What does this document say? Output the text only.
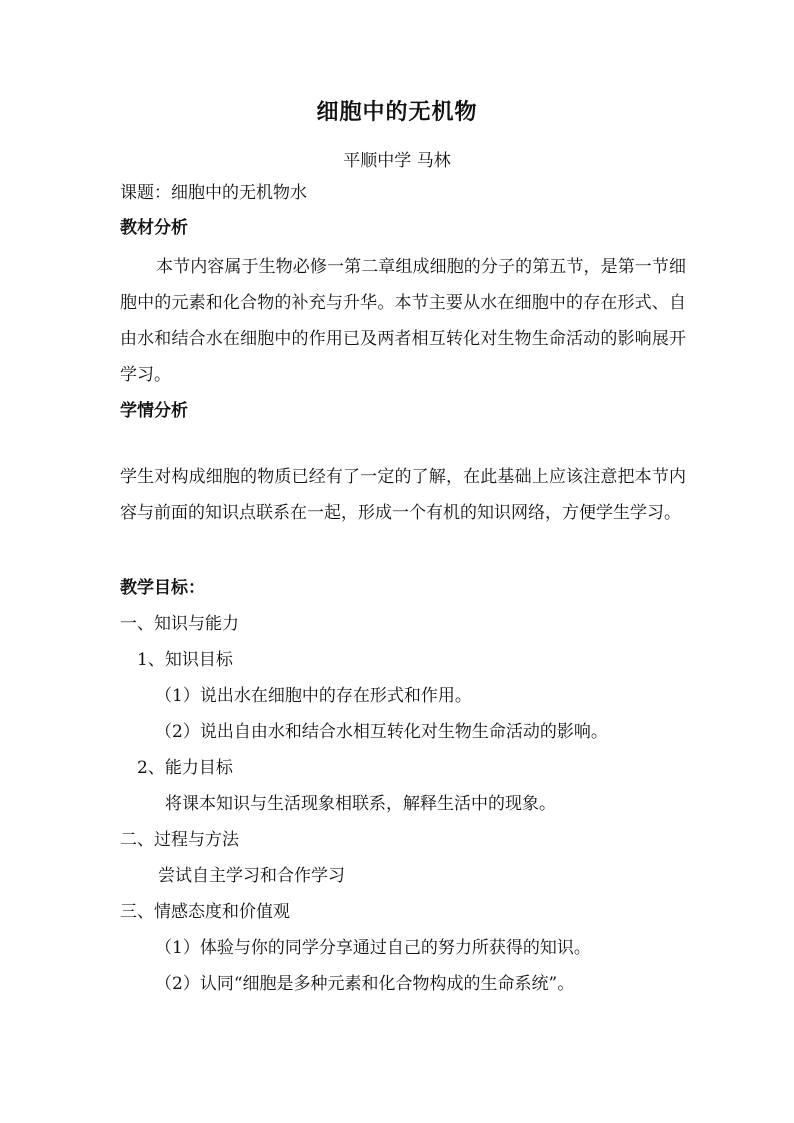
细胞中的无机物
平顺中学 马林
课题：细胞中的无机物水
教材分析
本节内容属于生物必修一第二章组成细胞的分子的第五节，是第一节细胞中的元素和化合物的补充与升华。本节主要从水在细胞中的存在形式、自由水和结合水在细胞中的作用已及两者相互转化对生物生命活动的影响展开学习。
学情分析
学生对构成细胞的物质已经有了一定的了解，在此基础上应该注意把本节内容与前面的知识点联系在一起，形成一个有机的知识网络，方便学生学习。
教学目标：
一、知识与能力
1、知识目标
（1）说出水在细胞中的存在形式和作用。
（2）说出自由水和结合水相互转化对生物生命活动的影响。
2、能力目标
将课本知识与生活现象相联系，解释生活中的现象。
二、过程与方法
尝试自主学习和合作学习
三、情感态度和价值观
（1）体验与你的同学分享通过自己的努力所获得的知识。
（2）认同“细胞是多种元素和化合物构成的生命系统”。
